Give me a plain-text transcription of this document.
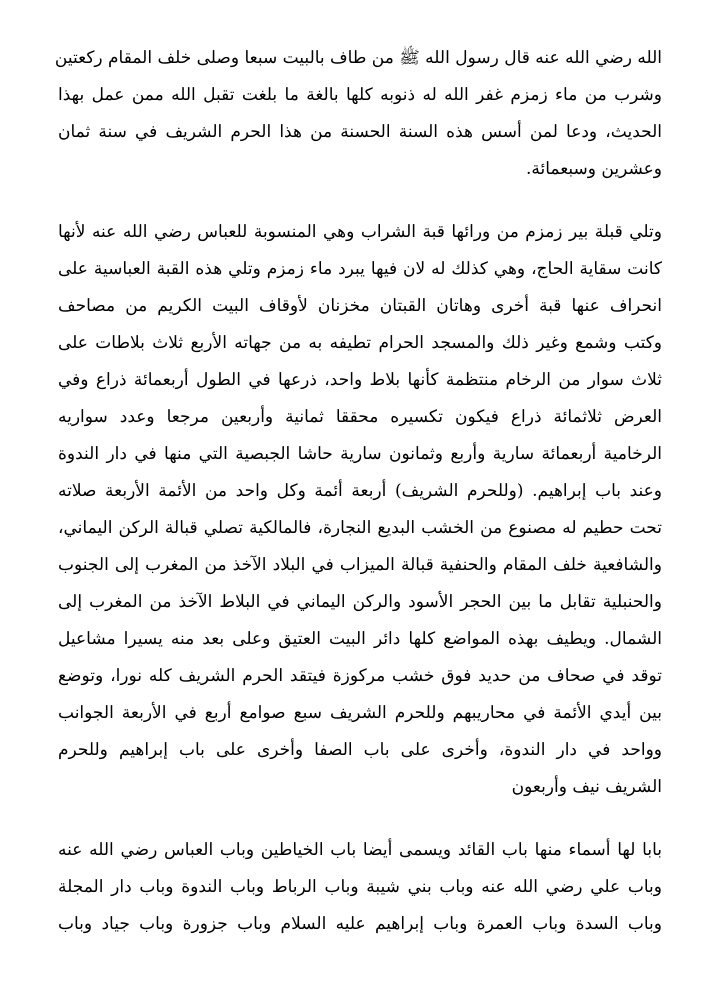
الله رضي الله عنه قال رسول الله ﷺ من طاف بالبيت سبعا وصلى خلف المقام ركعتين
وشرب من ماء زمزم غفر الله له ذنوبه كلها بالغة ما بلغت تقبل الله ممن عمل بهذا
الحديث، ودعا لمن أسس هذه السنة الحسنة من هذا الحرم الشريف في سنة ثمان
وعشرين وسبعمائة.
وتلي قبلة بير زمزم من ورائها قبة الشراب وهي المنسوبة للعباس رضي الله عنه لأنها
كانت سقاية الحاج، وهي كذلك له لان فيها يبرد ماء زمزم وتلي هذه القبة العباسية على
انحراف عنها قبة أخرى وهاتان القبتان مخزنان لأوقاف البيت الكريم من مصاحف
وكتب وشمع وغير ذلك والمسجد الحرام تطيفه به من جهاته الأربع ثلاث بلاطات على
ثلاث سوار من الرخام منتظمة كأنها بلاط واحد، ذرعها في الطول أربعمائة ذراع وفي
العرض ثلاثمائة ذراع فيكون تكسيره محققا ثمانية وأربعين مرجعا وعدد سواريه
الرخامية أربعمائة سارية وأربع وثمانون سارية حاشا الجبصية التي منها في دار الندوة
وعند باب إبراهيم. (وللحرم الشريف) أربعة أئمة وكل واحد من الأئمة الأربعة صلاته
تحت حطيم له مصنوع من الخشب البديع النجارة، فالمالكية تصلي قبالة الركن اليماني،
والشافعية خلف المقام والحنفية قبالة الميزاب في البلاد الآخذ من المغرب إلى الجنوب
والحنبلية تقابل ما بين الحجر الأسود والركن اليماني في البلاط الآخذ من المغرب إلى
الشمال. ويطيف بهذه المواضع كلها دائر البيت العتيق وعلى بعد منه يسيرا مشاعيل
توقد في صحاف من حديد فوق خشب مركوزة فيتقد الحرم الشريف كله نورا، وتوضع
بين أيدي الأئمة في محاريبهم وللحرم الشريف سبع صوامع أربع في الأربعة الجوانب
وواحد في دار الندوة، وأخرى على باب الصفا وأخرى على باب إبراهيم وللحرم
الشريف نيف وأربعون
بابا لها أسماء منها باب القائد ويسمى أيضا باب الخياطين وباب العباس رضي الله عنه
وباب علي رضي الله عنه وباب بني شيبة وباب الرباط وباب الندوة وباب دار المجلة
وباب السدة وباب العمرة وباب إبراهيم عليه السلام وباب جزورة وباب جياد وباب
